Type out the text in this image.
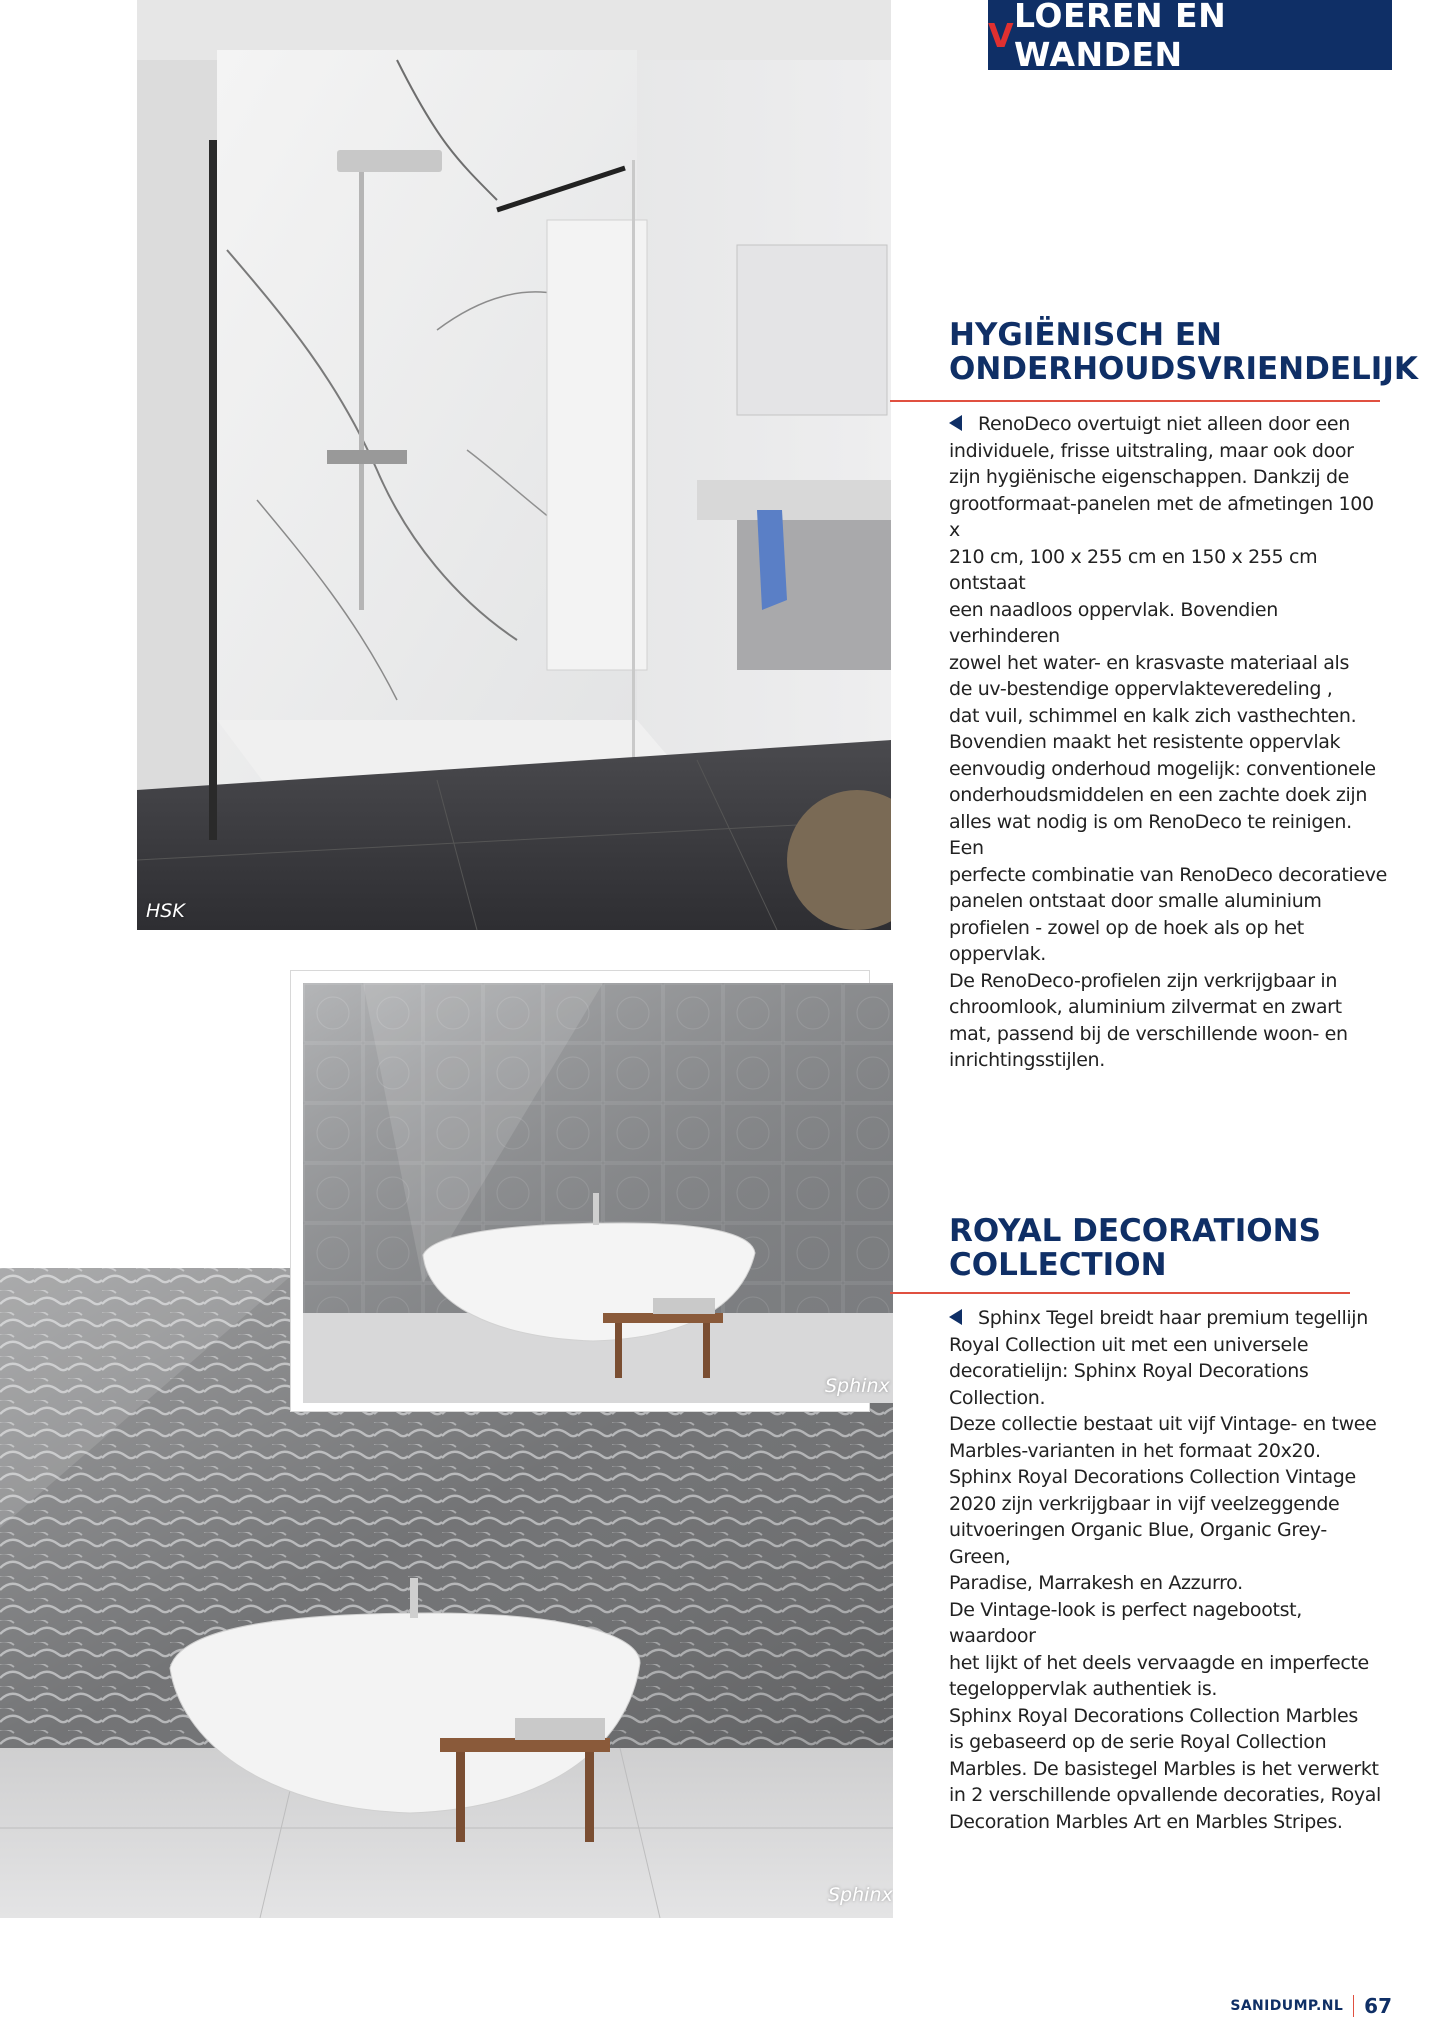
V LOEREN EN WANDEN
HSK
HYGIËNISCH EN
ONDERHOUDSVRIENDELIJK

RenoDeco overtuigt niet alleen door een

individuele, frisse uitstraling, maar ook door

zijn hygiënische eigenschappen. Dankzij de

grootformaat-panelen met de afmetingen 100 x

210 cm, 100 x 255 cm en 150 x 255 cm ontstaat

een naadloos oppervlak. Bovendien verhinderen

zowel het water- en krasvaste materiaal als

de uv-bestendige oppervlakteveredeling ,

dat vuil, schimmel en kalk zich vasthechten.

Bovendien maakt het resistente oppervlak

eenvoudig onderhoud mogelijk: conventionele

onderhoudsmiddelen en een zachte doek zijn

alles wat nodig is om RenoDeco te reinigen. Een

perfecte combinatie van RenoDeco decoratieve

panelen ontstaat door smalle aluminium

profielen - zowel op de hoek als op het oppervlak.

De RenoDeco-profielen zijn verkrijgbaar in

chroomlook, aluminium zilvermat en zwart

mat, passend bij de verschillende woon- en

inrichtingsstijlen.

Sphinx
Sphinx
ROYAL DECORATIONS
COLLECTION

Sphinx Tegel breidt haar premium tegellijn

Royal Collection uit met een universele

decoratielijn: Sphinx Royal Decorations

Collection.

Deze collectie bestaat uit vijf Vintage- en twee

Marbles-varianten in het formaat 20x20.

Sphinx Royal Decorations Collection Vintage

2020 zijn verkrijgbaar in vijf veelzeggende

uitvoeringen Organic Blue, Organic Grey-Green,

Paradise, Marrakesh en Azzurro.

De Vintage-look is perfect nagebootst, waardoor

het lijkt of het deels vervaagde en imperfecte

tegeloppervlak authentiek is.

Sphinx Royal Decorations Collection Marbles

is gebaseerd op de serie Royal Collection

Marbles. De basistegel Marbles is het verwerkt

in 2 verschillende opvallende decoraties, Royal

Decoration Marbles Art en Marbles Stripes.

SANIDUMP.NL 67
